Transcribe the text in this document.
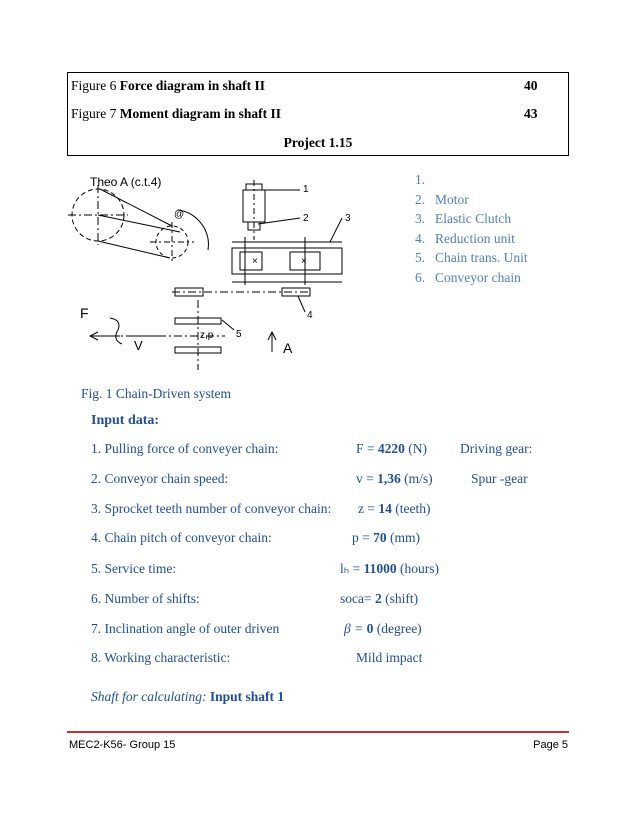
Figure 6 Force diagram in shaft II	40
Figure 7 Moment diagram in shaft II	43
Project 1.15
Theo A (c.t.4)
@
1
2
×	×
3
4
F
V
z,p 5
A
1.
2. Motor
3. Elastic Clutch
4. Reduction unit
5. Chain trans. Unit
6. Conveyor chain
Fig. 1 Chain-Driven system
Input data:
1. Pulling force of conveyer chain:	F = 4220 (N) Driving gear:
2. Conveyor chain speed:	v = 1,36 (m/s)	Spur -gear
3. Sprocket teeth number of conveyor chain: z = 14 (teeth)
4. Chain pitch of conveyor chain:	p = 70 (mm)
5. Service time:	lₕ = 11000 (hours)
6. Number of shifts:	soca= 2 (shift)
7. Inclination angle of outer driven	β = 0 (degree)
8. Working characteristic:	Mild impact
Shaft for calculating: Input shaft 1
MEC2-K56- Group 15	Page 5
